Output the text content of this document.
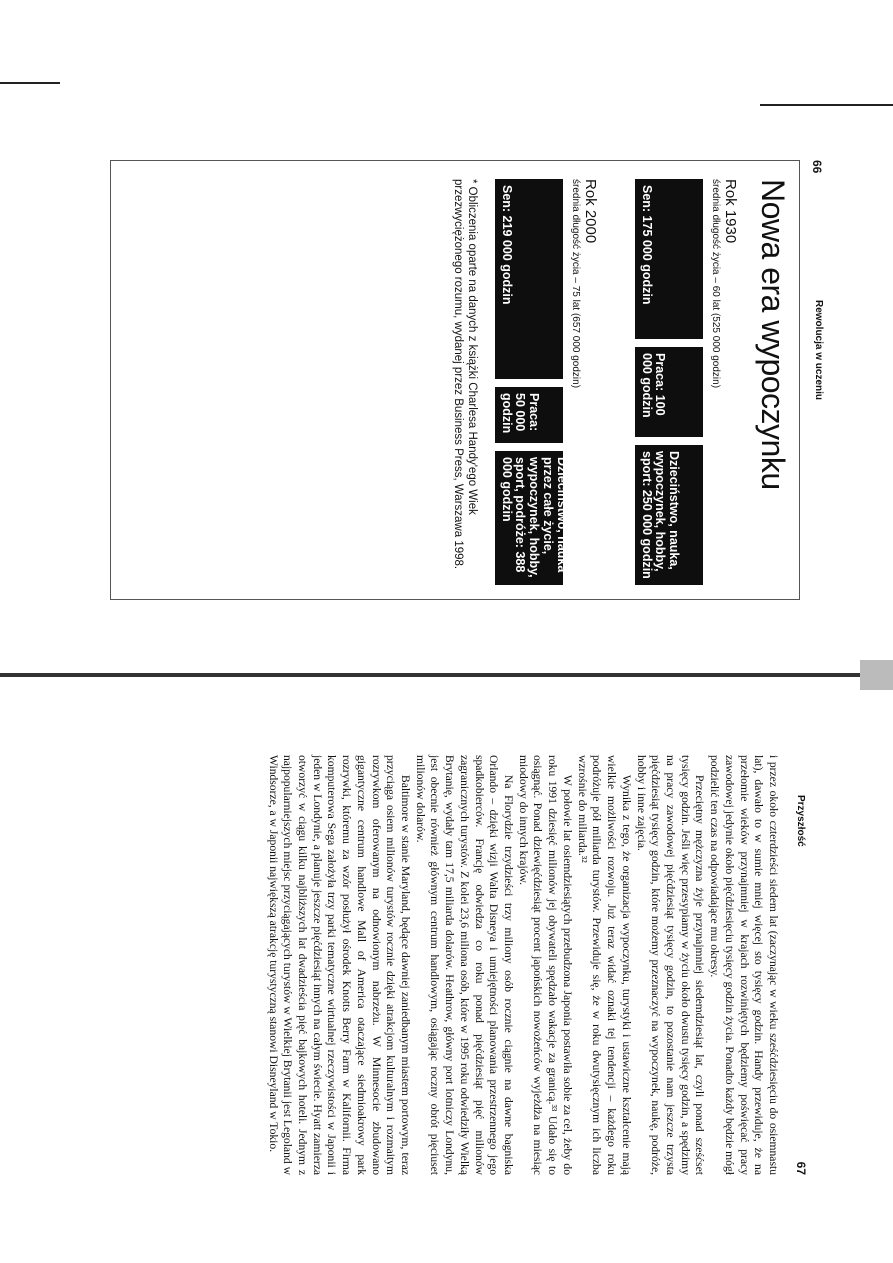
66
Rewolucja w uczeniu
Nowa era wypoczynku
Rok 1930
średnia długość życia – 60 lat (525 000 godzin)
Sen: 175 000 godzin
Praca: 100 000 godzin
Dzieciństwo, nauka, wypoczynek, hobby, sport: 250 000 godzin
Rok 2000
średnia długość życia – 75 lat (657 000 godzin)
Sen: 219 000 godzin
Praca: 50 000 godzin
Dzieciństwo, nauka przez całe życie, wypoczynek, hobby, sport, podróże: 388 000 godzin
* Obliczenia oparte na danych z książki Charlesa Handy'ego Wiek przezwyciężonego rozumu, wydanej przez Business Press, Warszawa 1998.
Przyszłość
67

i przez około czterdzieści siedem lat (zaczynając w wieku sześćdziesięciu do osiemnastu lat), dawało to w sumie mniej więcej sto tysięcy godzin. Handy przewiduje, że na przełomie wieków przynajmniej w krajach rozwiniętych będziemy poświęcać pracy zawodowej jedynie około pięćdziesięciu tysięcy godzin życia. Ponadto każdy będzie mógł podzielić ten czas na odpowiadające mu okresy.

Przeciętny mężczyzna żyje przynajmniej siedemdziesiąt lat, czyli ponad sześćset tysięcy godzin. Jeśli więc przesypiamy w życiu około dwustu tysięcy godzin, a spędzimy na pracy zawodowej pięćdziesiąt tysięcy godzin, to pozostanie nam jeszcze trzysta pięćdziesiąt tysięcy godzin, które możemy przeznaczyć na wypoczynek, naukę, podróże, hobby i inne zajęcia.

Wynika z tego, że organizacja wypoczynku, turystyki i ustawiczne kształcenie mają wielkie możliwości rozwoju. Już teraz widać oznaki tej tendencji – każdego roku podróżuje pół miliarda turystów. Przewiduje się, że w roku dwutysięcznym ich liczba wzrośnie do miliarda.³²

W połowie lat osiemdziesiątych przebudzona Japonia postawiła sobie za cel, żeby do roku 1991 dziesięć milionów jej obywateli spędzało wakacje za granicą.³³ Udało się to osiągnąć. Ponad dziewięćdziesiąt procent japońskich nowożeńców wyjeżdża na miesiąc miodowy do innych krajów.

Na Florydzie trzydzieści trzy miliony osób rocznie ciągnie na dawne bagniska Orlando – dzięki wizji Walta Disneya i umiejętności planowania przestrzennego jego spadkobierców. Francję odwiedza co roku ponad pięćdziesiąt pięć milionów zagranicznych turystów. Z kolei 23,6 miliona osób, które w 1995 roku odwiedziły Wielką Brytanię, wydały tam 17,5 miliarda dolarów. Heathrow, główny port lotniczy Londynu, jest obecnie również głównym centrum handlowym, osiągając roczny obrót pięciuset milionów dolarów.

Baltimore w stanie Maryland, będące dawniej zaniedbanym miastem portowym, teraz przyciąga osiem milionów turystów rocznie dzięki atrakcjom kulturalnym i rozmaitym rozrywkom oferowanym na odnowionym nabrzeżu. W Minnesocie zbudowano gigantyczne centrum handlowe Mall of America otaczające siedmioakrowy park rozrywki, któremu za wzór posłużył ośrodek Knotts Berry Farm w Kalifornii. Firma komputerowa Sega założyła trzy parki tematyczne wirtualnej rzeczywistości w Japonii i jeden w Londynie, a planuje jeszcze pięćdziesiąt innych na całym świecie. Hyatt zamierza otworzyć w ciągu kilku najbliższych lat dwadzieścia pięć bajkowych hoteli. Jednym z najpopularniejszych miejsc przyciągających turystów w Wielkiej Brytanii jest Legoland w Windsorze, a w Japonii największą atrakcję turystyczną stanowi Disneyland w Tokio.
